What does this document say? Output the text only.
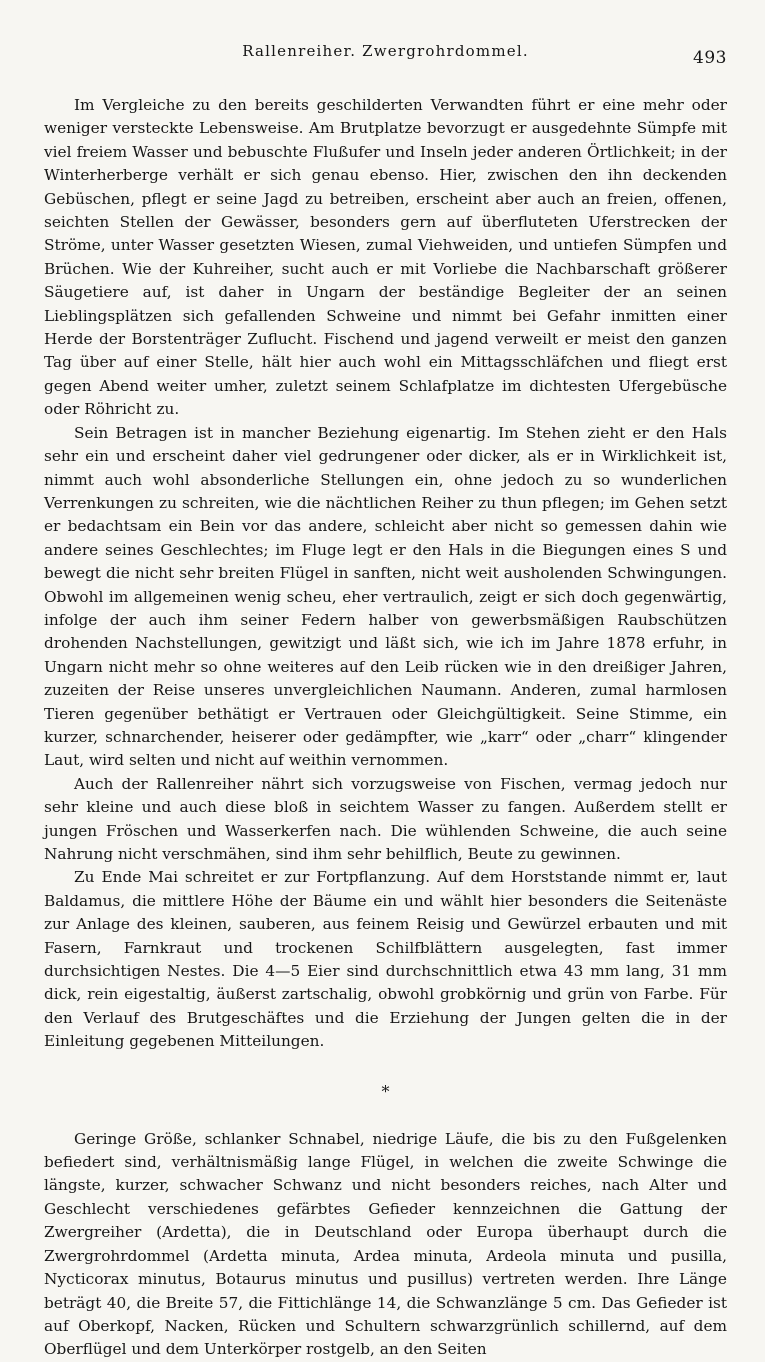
Rallenreiher. Zwergrohrdommel.	493

Im Vergleiche zu den bereits geschilderten Verwandten führt er eine mehr oder weniger versteckte Lebensweise. Am Brutplatze bevorzugt er ausgedehnte Sümpfe mit viel freiem Wasser und bebuschte Flußufer und Inseln jeder anderen Örtlichkeit; in der Winterherberge verhält er sich genau ebenso. Hier, zwischen den ihn deckenden Gebüschen, pflegt er seine Jagd zu betreiben, erscheint aber auch an freien, offenen, seichten Stellen der Gewässer, besonders gern auf überfluteten Uferstrecken der Ströme, unter Wasser gesetzten Wiesen, zumal Viehweiden, und untiefen Sümpfen und Brüchen. Wie der Kuhreiher, sucht auch er mit Vorliebe die Nachbarschaft größerer Säugetiere auf, ist daher in Ungarn der beständige Begleiter der an seinen Lieblingsplätzen sich gefallenden Schweine und nimmt bei Gefahr inmitten einer Herde der Borstenträger Zuflucht. Fischend und jagend verweilt er meist den ganzen Tag über auf einer Stelle, hält hier auch wohl ein Mittagsschläfchen und fliegt erst gegen Abend weiter umher, zuletzt seinem Schlafplatze im dichtesten Ufergebüsche oder Röhricht zu.

Sein Betragen ist in mancher Beziehung eigenartig. Im Stehen zieht er den Hals sehr ein und erscheint daher viel gedrungener oder dicker, als er in Wirklichkeit ist, nimmt auch wohl absonderliche Stellungen ein, ohne jedoch zu so wunderlichen Verrenkungen zu schreiten, wie die nächtlichen Reiher zu thun pflegen; im Gehen setzt er bedachtsam ein Bein vor das andere, schleicht aber nicht so gemessen dahin wie andere seines Geschlechtes; im Fluge legt er den Hals in die Biegungen eines S und bewegt die nicht sehr breiten Flügel in sanften, nicht weit ausholenden Schwingungen. Obwohl im allgemeinen wenig scheu, eher vertraulich, zeigt er sich doch gegenwärtig, infolge der auch ihm seiner Federn halber von gewerbsmäßigen Raubschützen drohenden Nachstellungen, gewitzigt und läßt sich, wie ich im Jahre 1878 erfuhr, in Ungarn nicht mehr so ohne weiteres auf den Leib rücken wie in den dreißiger Jahren, zuzeiten der Reise unseres unvergleichlichen Naumann. Anderen, zumal harmlosen Tieren gegenüber bethätigt er Vertrauen oder Gleichgültigkeit. Seine Stimme, ein kurzer, schnarchender, heiserer oder gedämpfter, wie „karr“ oder „charr“ klingender Laut, wird selten und nicht auf weithin vernommen.

Auch der Rallenreiher nährt sich vorzugsweise von Fischen, vermag jedoch nur sehr kleine und auch diese bloß in seichtem Wasser zu fangen. Außerdem stellt er jungen Fröschen und Wasserkerfen nach. Die wühlenden Schweine, die auch seine Nahrung nicht verschmähen, sind ihm sehr behilflich, Beute zu gewinnen.

Zu Ende Mai schreitet er zur Fortpflanzung. Auf dem Horststande nimmt er, laut Baldamus, die mittlere Höhe der Bäume ein und wählt hier besonders die Seitenäste zur Anlage des kleinen, sauberen, aus feinem Reisig und Gewürzel erbauten und mit Fasern, Farnkraut und trockenen Schilfblättern ausgelegten, fast immer durchsichtigen Nestes. Die 4—5 Eier sind durchschnittlich etwa 43 mm lang, 31 mm dick, rein eigestaltig, äußerst zartschalig, obwohl grobkörnig und grün von Farbe. Für den Verlauf des Brutgeschäftes und die Erziehung der Jungen gelten die in der Einleitung gegebenen Mitteilungen.

*

Geringe Größe, schlanker Schnabel, niedrige Läufe, die bis zu den Fußgelenken befiedert sind, verhältnismäßig lange Flügel, in welchen die zweite Schwinge die längste, kurzer, schwacher Schwanz und nicht besonders reiches, nach Alter und Geschlecht verschiedenes gefärbtes Gefieder kennzeichnen die Gattung der Zwergreiher (Ardetta), die in Deutschland oder Europa überhaupt durch die Zwergrohrdommel (Ardetta minuta, Ardea minuta, Ardeola minuta und pusilla, Nycticorax minutus, Botaurus minutus und pusillus) vertreten werden. Ihre Länge beträgt 40, die Breite 57, die Fittichlänge 14, die Schwanzlänge 5 cm. Das Gefieder ist auf Oberkopf, Nacken, Rücken und Schultern schwarzgrünlich schillernd, auf dem Oberflügel und dem Unterkörper rostgelb, an den Seiten
